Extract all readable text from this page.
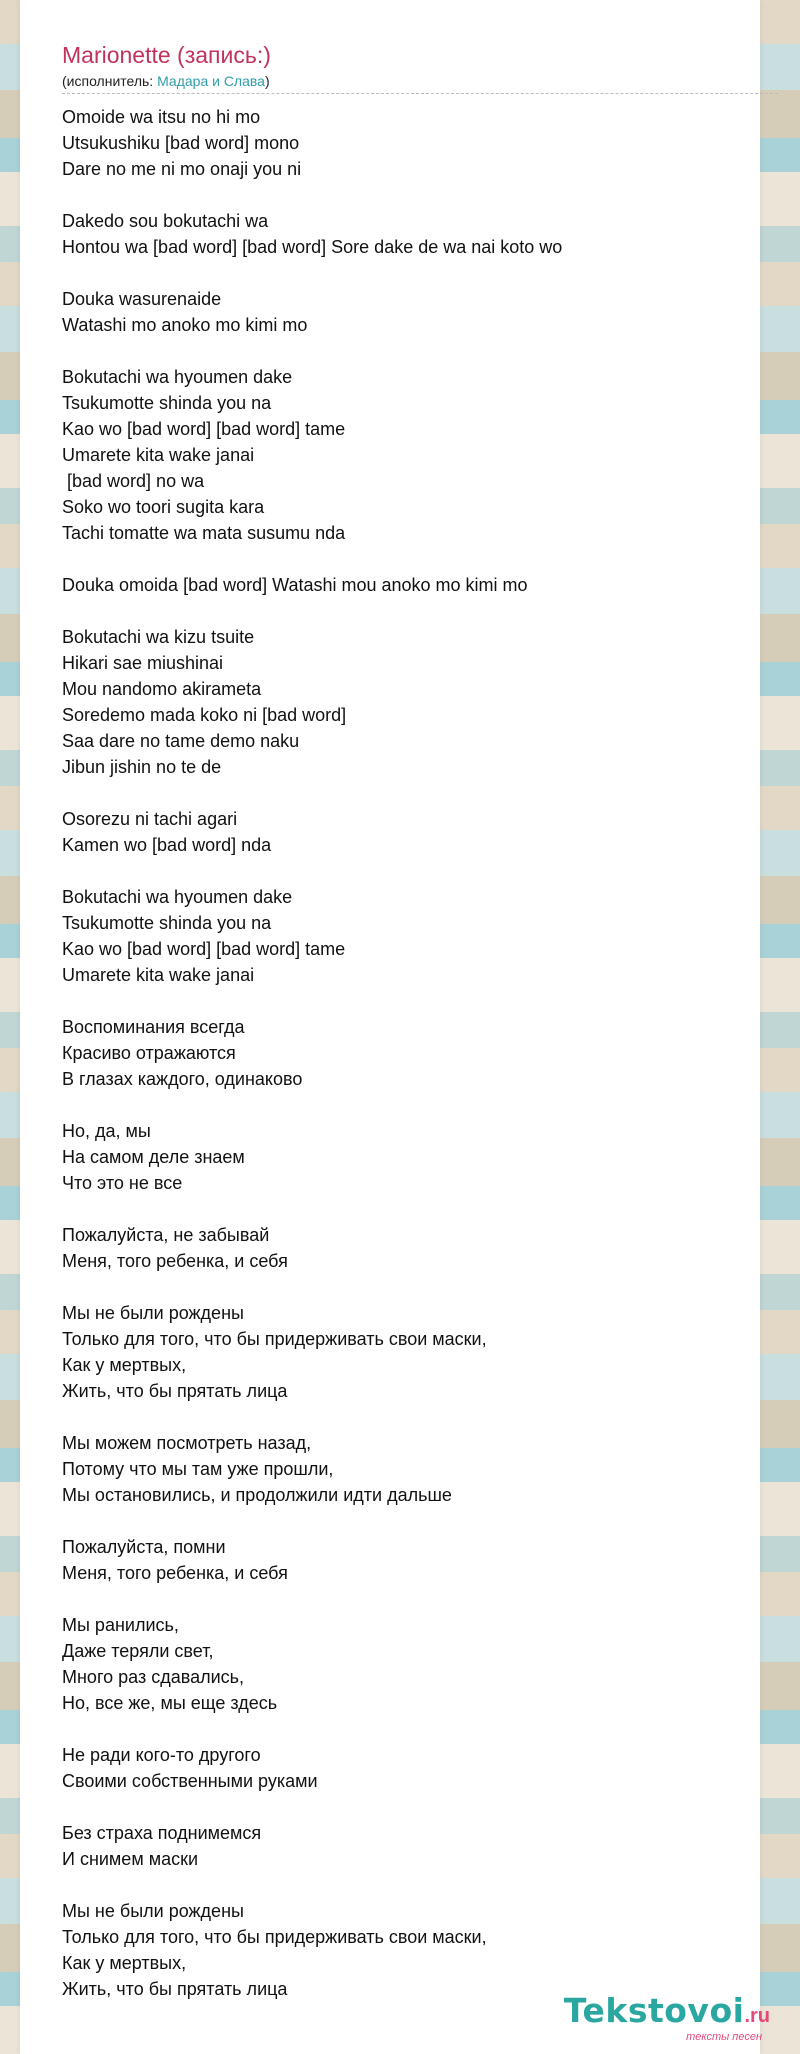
Marionette (запись:)
(исполнитель: Мадара и Слава)
Omoide wa itsu no hi mo
Utsukushiku [bad word] mono
Dare no me ni mo onaji you ni
Dakedo sou bokutachi wa
Hontou wa [bad word] [bad word] Sore dake de wa nai koto wo
Douka wasurenaide
Watashi mo anoko mo kimi mo
Bokutachi wa hyoumen dake
Tsukumotte shinda you na
Kao wo [bad word] [bad word] tame
Umarete kita wake janai
[bad word] no wa
Soko wo toori sugita kara
Tachi tomatte wa mata susumu nda
Douka omoida [bad word] Watashi mou anoko mo kimi mo
Bokutachi wa kizu tsuite
Hikari sae miushinai
Mou nandomo akirameta
Soredemo mada koko ni [bad word]
Saa dare no tame demo naku
Jibun jishin no te de
Osorezu ni tachi agari
Kamen wo [bad word] nda
Bokutachi wa hyoumen dake
Tsukumotte shinda you na
Kao wo [bad word] [bad word] tame
Umarete kita wake janai
Воспоминания всегда
Красиво отражаются
В глазах каждого, одинаково
Но, да, мы
На самом деле знаем
Что это не все
Пожалуйста, не забывай
Меня, того ребенка, и себя
Мы не были рождены
Только для того, что бы придерживать свои маски,
Как у мертвых,
Жить, что бы прятать лица
Мы можем посмотреть назад,
Потому что мы там уже прошли,
Мы остановились, и продолжили идти дальше
Пожалуйста, помни
Меня, того ребенка, и себя
Мы ранились,
Даже теряли свет,
Много раз сдавались,
Но, все же, мы еще здесь
Не ради кого-то другого
Своими собственными руками
Без страха поднимемся
И снимем маски
Мы не были рождены
Только для того, что бы придерживать свои маски,
Как у мертвых,
Жить, что бы прятать лица
Tekstovoi.ru
тексты песен
